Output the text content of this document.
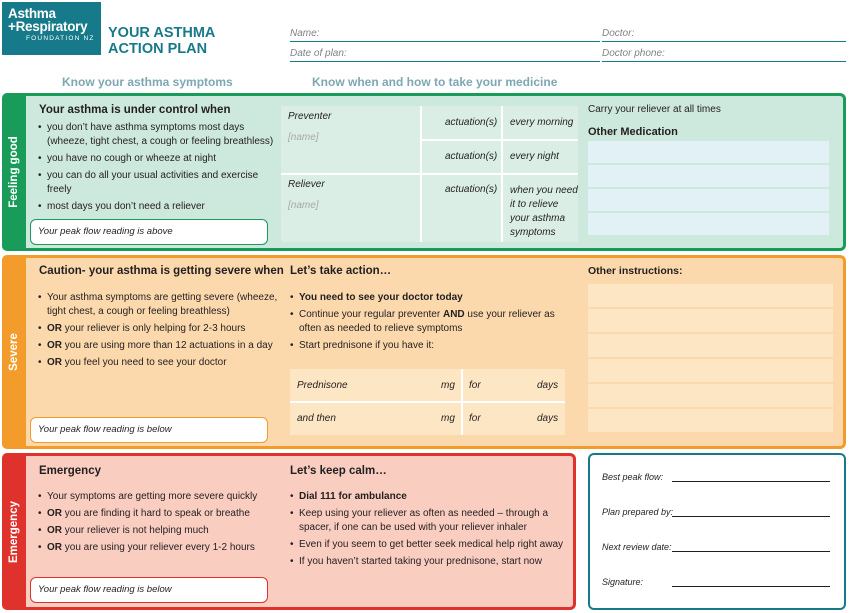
Asthma
+Respiratory
FOUNDATION NZ YOUR ASTHMA
ACTION PLAN
Name:	Doctor:
Date of plan:	Doctor phone:
Know your asthma symptoms	Know when and how to take your medicine
Feeling good
Your asthma is under control when
• you don’t have asthma symptoms most days (wheeze, tight chest, a cough or feeling breathless)
• you have no cough or wheeze at night
• you can do all your usual activities and exercise freely
• most days you don’t need a reliever
Your peak flow reading is above
Preventer
[name]
actuation(s) every morning
actuation(s) every night
Reliever
[name]
actuation(s) when you need it to relieve your asthma symptoms
Carry your reliever at all times
Other Medication
Severe
Caution- your asthma is getting severe when
• Your asthma symptoms are getting severe (wheeze, tight chest, a cough or feeling breathless)
• OR your reliever is only helping for 2-3 hours
• OR you are using more than 12 actuations in a day
• OR you feel you need to see your doctor
Your peak flow reading is below
Let’s take action…
• You need to see your doctor today
• Continue your regular preventer AND use your reliever as often as needed to relieve symptoms
• Start prednisone if you have it:
Prednisone	mg for	days
and then	mg for	days
Other instructions:
Emergency
Emergency
• Your symptoms are getting more severe quickly
• OR you are finding it hard to speak or breathe
• OR your reliever is not helping much
• OR you are using your reliever every 1-2 hours
Your peak flow reading is below
Let’s keep calm…
• Dial 111 for ambulance
• Keep using your reliever as often as needed – through a spacer, if one can be used with your reliever inhaler
• Even if you seem to get better seek medical help right away
• If you haven’t started taking your prednisone, start now
Best peak flow:
Plan prepared by:
Next review date:
Signature:
